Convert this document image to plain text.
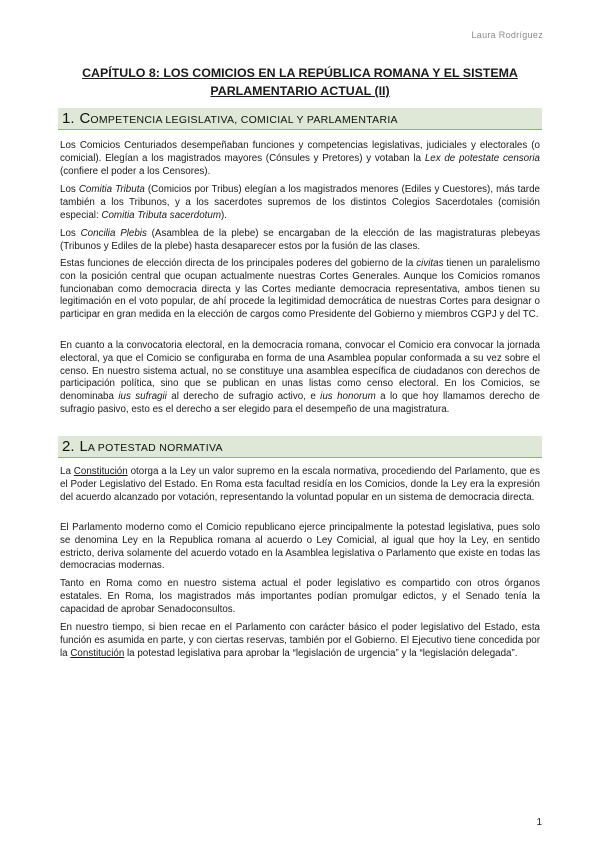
Laura Rodríguez
CAPÍTULO 8: LOS COMICIOS EN LA REPÚBLICA ROMANA Y EL SISTEMA
PARLAMENTARIO ACTUAL (II)
1. COMPETENCIA LEGISLATIVA, COMICIAL Y PARLAMENTARIA

Los Comicios Centuriados desempeñaban funciones y competencias legislativas, judiciales y electorales (o comicial). Elegían a los magistrados mayores (Cónsules y Pretores) y votaban la Lex de potestate censoria (confiere el poder a los Censores).

Los Comitia Tributa (Comicios por Tribus) elegían a los magistrados menores (Ediles y Cuestores), más tarde también a los Tribunos, y a los sacerdotes supremos de los distintos Colegios Sacerdotales (comisión especial: Comitia Tributa sacerdotum).

Los Concilia Plebis (Asamblea de la plebe) se encargaban de la elección de las magistraturas plebeyas (Tribunos y Ediles de la plebe) hasta desaparecer estos por la fusión de las clases.

Estas funciones de elección directa de los principales poderes del gobierno de la civitas tienen un paralelismo con la posición central que ocupan actualmente nuestras Cortes Generales. Aunque los Comicios romanos funcionaban como democracia directa y las Cortes mediante democracia representativa, ambos tienen su legitimación en el voto popular, de ahí procede la legitimidad democrática de nuestras Cortes para designar o participar en gran medida en la elección de cargos como Presidente del Gobierno y miembros CGPJ y del TC.

En cuanto a la convocatoria electoral, en la democracia romana, convocar el Comicio era convocar la jornada electoral, ya que el Comicio se configuraba en forma de una Asamblea popular conformada a su vez sobre el censo. En nuestro sistema actual, no se constituye una asamblea específica de ciudadanos con derechos de participación política, sino que se publican en unas listas como censo electoral. En los Comicios, se denominaba ius sufragii al derecho de sufragio activo, e ius honorum a lo que hoy llamamos derecho de sufragio pasivo, esto es el derecho a ser elegido para el desempeño de una magistratura.

2. LA POTESTAD NORMATIVA

La Constitución otorga a la Ley un valor supremo en la escala normativa, procediendo del Parlamento, que es el Poder Legislativo del Estado. En Roma esta facultad residía en los Comicios, donde la Ley era la expresión del acuerdo alcanzado por votación, representando la voluntad popular en un sistema de democracia directa.

El Parlamento moderno como el Comicio republicano ejerce principalmente la potestad legislativa, pues solo se denomina Ley en la Republica romana al acuerdo o Ley Comicial, al igual que hoy la Ley, en sentido estricto, deriva solamente del acuerdo votado en la Asamblea legislativa o Parlamento que existe en todas las democracias modernas.

Tanto en Roma como en nuestro sistema actual el poder legislativo es compartido con otros órganos estatales. En Roma, los magistrados más importantes podían promulgar edictos, y el Senado tenía la capacidad de aprobar Senadoconsultos.

En nuestro tiempo, si bien recae en el Parlamento con carácter básico el poder legislativo del Estado, esta función es asumida en parte, y con ciertas reservas, también por el Gobierno. El Ejecutivo tiene concedida por la Constitución la potestad legislativa para aprobar la “legislación de urgencia” y la “legislación delegada”.

1
